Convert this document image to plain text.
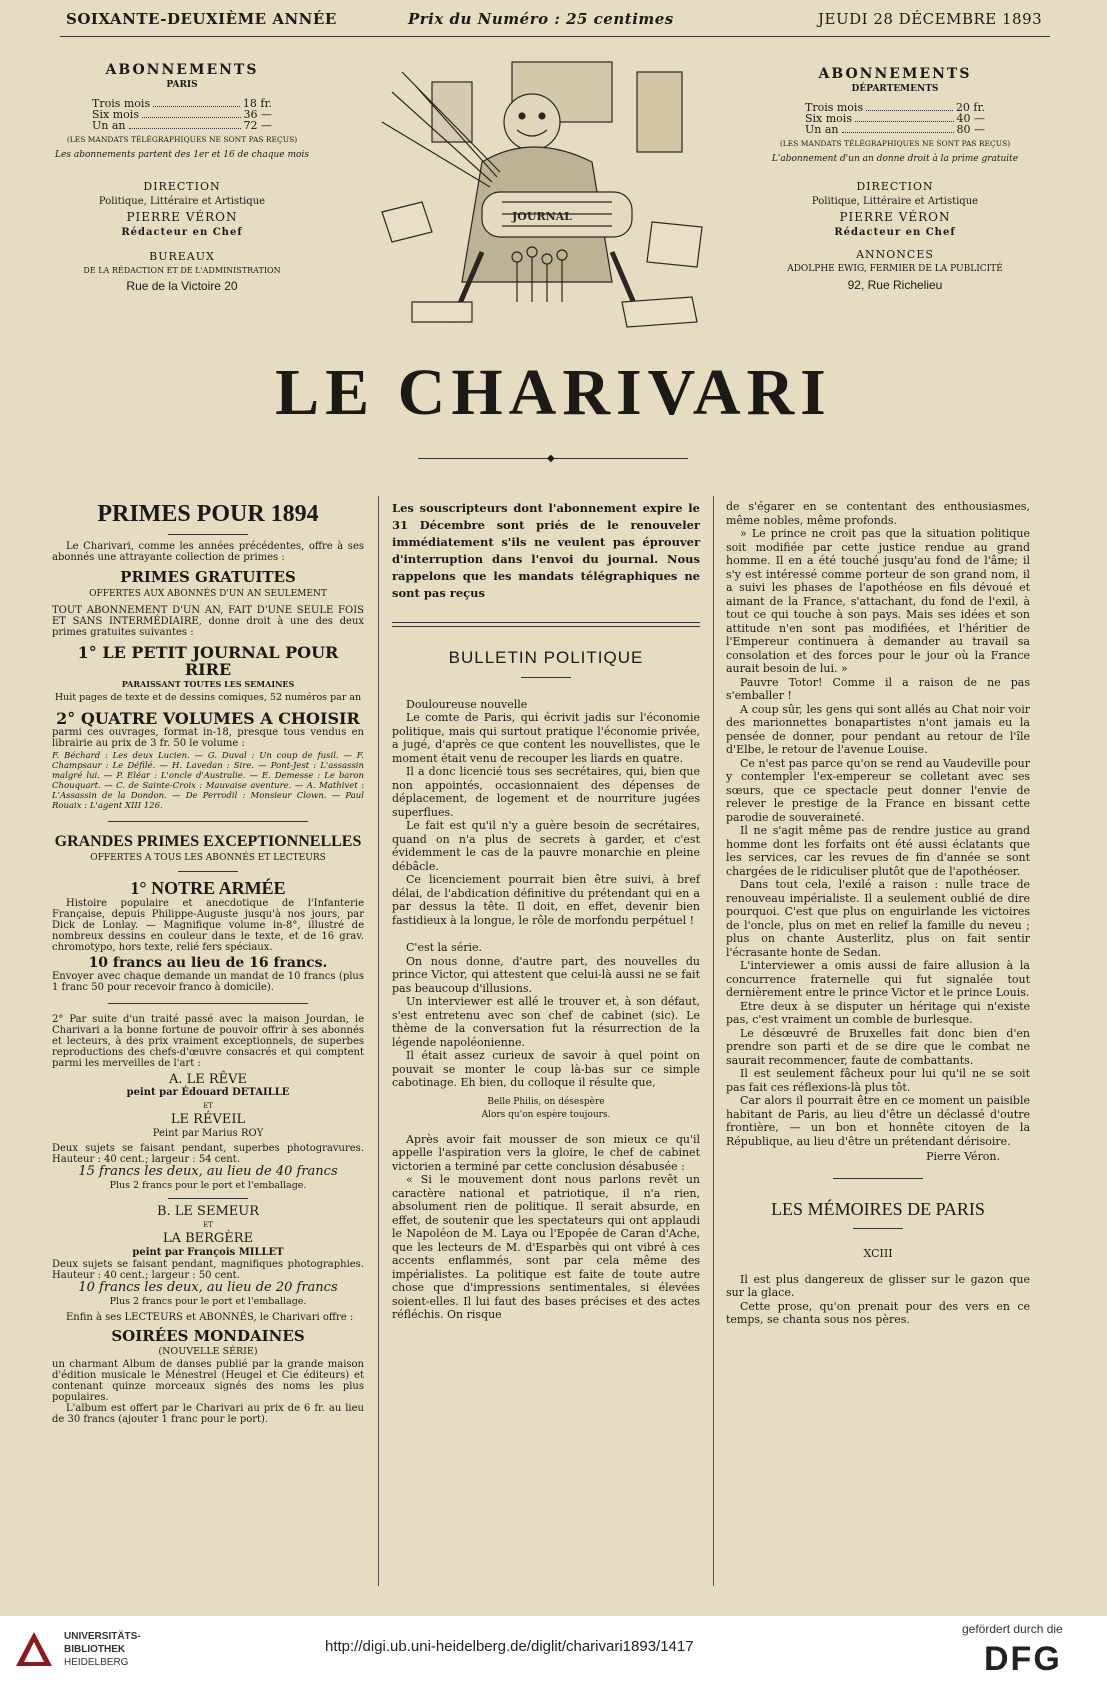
SOIXANTE-DEUXIÈME ANNÉE	Prix du Numéro : 25 centimes	JEUDI 28 DÉCEMBRE 1893
ABONNEMENTS
PARIS
Trois mois	18 fr.
Six mois	36 —
Un an	72 —
(LES MANDATS TÉLÉGRAPHIQUES NE SONT PAS REÇUS)
Les abonnements partent des 1er et 16 de chaque mois
DIRECTION
Politique, Littéraire et Artistique
PIERRE VÉRON
Rédacteur en Chef
BUREAUX
DE LA RÉDACTION ET DE L'ADMINISTRATION
Rue de la Victoire 20
JOURNAL
ABONNEMENTS
DÉPARTEMENTS
Trois mois	20 fr.
Six mois	40 —
Un an	80 —
(LES MANDATS TÉLÉGRAPHIQUES NE SONT PAS REÇUS)
L'abonnement d'un an donne droit à la prime gratuite
DIRECTION
Politique, Littéraire et Artistique
PIERRE VÉRON
Rédacteur en Chef
ANNONCES
ADOLPHE EWIG, FERMIER DE LA PUBLICITÉ
92, Rue Richelieu
LE CHARIVARI
◆
PRIMES POUR 1894

Le Charivari, comme les années précédentes, offre à ses abonnés une attrayante collection de primes :

PRIMES GRATUITES
OFFERTES AUX ABONNÉS D'UN AN SEULEMENT

TOUT ABONNEMENT D'UN AN, FAIT D'UNE SEULE FOIS ET SANS INTERMÉDIAIRE, donne droit à une des deux primes gratuites suivantes :

1° LE PETIT JOURNAL POUR RIRE
PARAISSANT TOUTES LES SEMAINES
Huit pages de texte et de dessins comiques, 52 numéros par an
2° QUATRE VOLUMES A CHOISIR

parmi ces ouvrages, format in-18, presque tous vendus en librairie au prix de 3 fr. 50 le volume :

F. Béchard : Les deux Lucien. — G. Duval : Un coup de fusil. — F. Champsaur : Le Défilé. — H. Lavedan : Sire. — Pont-Jest : L'assassin malgré lui. — P. Eléar : L'oncle d'Australie. — E. Demesse : Le baron Chouquart. — C. de Sainte-Croix : Mauvaise aventure. — A. Mathivet : L'Assassin de la Dondon. — De Perrodil : Monsieur Clown. — Paul Rouaix : L'agent XIII 126.

GRANDES PRIMES EXCEPTIONNELLES
OFFERTES A TOUS LES ABONNÉS ET LECTEURS
1° NOTRE ARMÉE

Histoire populaire et anecdotique de l'Infanterie Française, depuis Philippe-Auguste jusqu'à nos jours, par Dick de Lonlay. — Magnifique volume in-8°, illustré de nombreux dessins en couleur dans le texte, et de 16 grav. chromotypo, hors texte, relié fers spéciaux.

10 francs au lieu de 16 francs.

Envoyer avec chaque demande un mandat de 10 francs (plus 1 franc 50 pour recevoir franco à domicile).

2° Par suite d'un traité passé avec la maison Jourdan, le Charivari a la bonne fortune de pouvoir offrir à ses abonnés et lecteurs, à des prix vraiment exceptionnels, de superbes reproductions des chefs-d'œuvre consacrés et qui comptent parmi les merveilles de l'art :

A. LE RÊVE
peint par Édouard DETAILLE
ET
LE RÉVEIL
Peint par Marius ROY

Deux sujets se faisant pendant, superbes photogravures. Hauteur : 40 cent.; largeur : 54 cent.

15 francs les deux, au lieu de 40 francs
Plus 2 francs pour le port et l'emballage.
B. LE SEMEUR
ET
LA BERGÈRE
peint par François MILLET

Deux sujets se faisant pendant, magnifiques photographies. Hauteur : 40 cent.; largeur : 50 cent.

10 francs les deux, au lieu de 20 francs
Plus 2 francs pour le port et l'emballage.

Enfin à ses LECTEURS et ABONNÉS, le Charivari offre :

SOIRÉES MONDAINES
(NOUVELLE SÉRIE)

un charmant Album de danses publié par la grande maison d'édition musicale le Ménestrel (Heugel et Cie éditeurs) et contenant quinze morceaux signés des noms les plus populaires.

L'album est offert par le Charivari au prix de 6 fr. au lieu de 30 francs (ajouter 1 franc pour le port).

Les souscripteurs dont l'abonnement expire le 31 Décembre sont priés de le renouveler immédiatement s'ils ne veulent pas éprouver d'interruption dans l'envoi du journal. Nous rappelons que les mandats télégraphiques ne sont pas reçus

BULLETIN POLITIQUE

Douloureuse nouvelle

Le comte de Paris, qui écrivit jadis sur l'économie politique, mais qui surtout pratique l'économie privée, a jugé, d'après ce que content les nouvellistes, que le moment était venu de recouper les liards en quatre.

Il a donc licencié tous ses secrétaires, qui, bien que non appointés, occasionnaient des dépenses de déplacement, de logement et de nourriture jugées superflues.

Le fait est qu'il n'y a guère besoin de secrétaires, quand on n'a plus de secrets à garder, et c'est évidemment le cas de la pauvre monarchie en pleine débâcle.

Ce licenciement pourrait bien être suivi, à bref délai, de l'abdication définitive du prétendant qui en a par dessus la tête. Il doit, en effet, devenir bien fastidieux à la longue, le rôle de morfondu perpétuel !

C'est la série.

On nous donne, d'autre part, des nouvelles du prince Victor, qui attestent que celui-là aussi ne se fait pas beaucoup d'illusions.

Un interviewer est allé le trouver et, à son défaut, s'est entretenu avec son chef de cabinet (sic). Le thème de la conversation fut la résurrection de la légende napoléonienne.

Il était assez curieux de savoir à quel point on pouvait se monter le coup là-bas sur ce simple cabotinage. Eh bien, du colloque il résulte que,

Belle Philis, on désespère
Alors qu'on espère toujours.

Après avoir fait mousser de son mieux ce qu'il appelle l'aspiration vers la gloire, le chef de cabinet victorien a terminé par cette conclusion désabusée :

« Si le mouvement dont nous parlons revêt un caractère national et patriotique, il n'a rien, absolument rien de politique. Il serait absurde, en effet, de soutenir que les spectateurs qui ont applaudi le Napoléon de M. Laya ou l'Epopée de Caran d'Ache, que les lecteurs de M. d'Esparbès qui ont vibré à ces accents enflammés, sont par cela même des impérialistes. La politique est faite de toute autre chose que d'impressions sentimentales, si élevées soient-elles. Il lui faut des bases précises et des actes réfléchis. On risque

de s'égarer en se contentant des enthousiasmes, même nobles, même profonds.

» Le prince ne croit pas que la situation politique soit modifiée par cette justice rendue au grand homme. Il en a été touché jusqu'au fond de l'âme; il s'y est intéressé comme porteur de son grand nom, il a suivi les phases de l'apothéose en fils dévoué et aimant de la France, s'attachant, du fond de l'exil, à tout ce qui touche à son pays. Mais ses idées et son attitude n'en sont pas modifiées, et l'héritier de l'Empereur continuera à demander au travail sa consolation et des forces pour le jour où la France aurait besoin de lui. »

Pauvre Totor! Comme il a raison de ne pas s'emballer !

A coup sûr, les gens qui sont allés au Chat noir voir des marionnettes bonapartistes n'ont jamais eu la pensée de donner, pour pendant au retour de l'île d'Elbe, le retour de l'avenue Louise.

Ce n'est pas parce qu'on se rend au Vaudeville pour y contempler l'ex-empereur se colletant avec ses sœurs, que ce spectacle peut donner l'envie de relever le prestige de la France en bissant cette parodie de souveraineté.

Il ne s'agit même pas de rendre justice au grand homme dont les forfaits ont été aussi éclatants que les services, car les revues de fin d'année se sont chargées de le ridiculiser plutôt que de l'apothéoser.

Dans tout cela, l'exilé a raison : nulle trace de renouveau impérialiste. Il a seulement oublié de dire pourquoi. C'est que plus on enguirlande les victoires de l'oncle, plus on met en relief la famille du neveu ; plus on chante Austerlitz, plus on fait sentir l'écrasante honte de Sedan.

L'interviewer a omis aussi de faire allusion à la concurrence fraternelle qui fut signalée tout dernièrement entre le prince Victor et le prince Louis.

Etre deux à se disputer un héritage qui n'existe pas, c'est vraiment un comble de burlesque.

Le désœuvré de Bruxelles fait donc bien d'en prendre son parti et de se dire que le combat ne saurait recommencer, faute de combattants.

Il est seulement fâcheux pour lui qu'il ne se soit pas fait ces réflexions-là plus tôt.

Car alors il pourrait être en ce moment un paisible habitant de Paris, au lieu d'être un déclassé d'outre frontière, — un bon et honnête citoyen de la République, au lieu d'être un prétendant dérisoire.

Pierre Véron.
LES MÉMOIRES DE PARIS
XCIII

Il est plus dangereux de glisser sur le gazon que sur la glace.

Cette prose, qu'on prenait pour des vers en ce temps, se chanta sous nos pères.

UNIVERSITÄTS-
BIBLIOTHEK
HEIDELBERG
http://digi.ub.uni-heidelberg.de/diglit/charivari1893/1417
gefördert durch die
DFG
